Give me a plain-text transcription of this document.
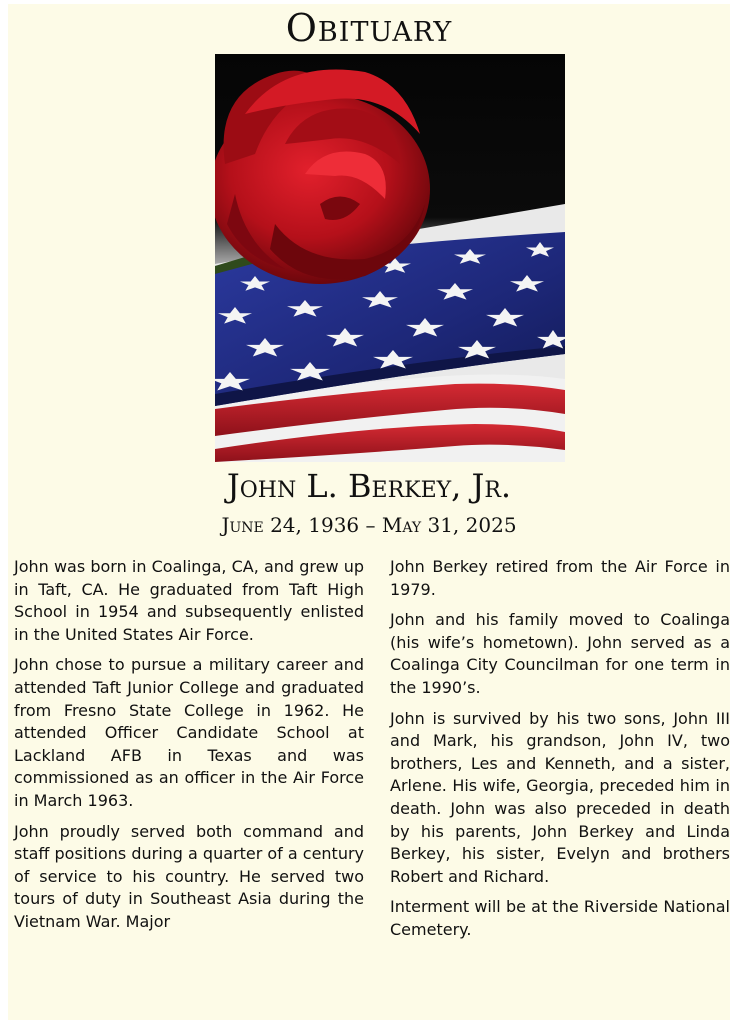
Obituary
John L. Berkey, Jr.
June 24, 1936 – May 31, 2025

John was born in Coalinga, CA, and grew up in Taft, CA. He graduated from Taft High School in 1954 and subsequently enlisted in the United States Air Force.

John chose to pursue a military career and attended Taft Junior College and graduated from Fresno State College in 1962. He attended Officer Candidate School at Lackland AFB in Texas and was commissioned as an officer in the Air Force in March 1963.

John proudly served both command and staff positions during a quarter of a century of service to his country. He served two tours of duty in Southeast Asia during the Vietnam War. Major

John Berkey retired from the Air Force in 1979.

John and his family moved to Coalinga (his wife’s hometown). John served as a Coalinga City Councilman for one term in the 1990’s.

John is survived by his two sons, John III and Mark, his grandson, John IV, two brothers, Les and Kenneth, and a sister, Arlene. His wife, Georgia, preceded him in death. John was also preceded in death by his parents, John Berkey and Linda Berkey, his sister, Evelyn and brothers Robert and Richard.

Interment will be at the Riverside National Cemetery.
